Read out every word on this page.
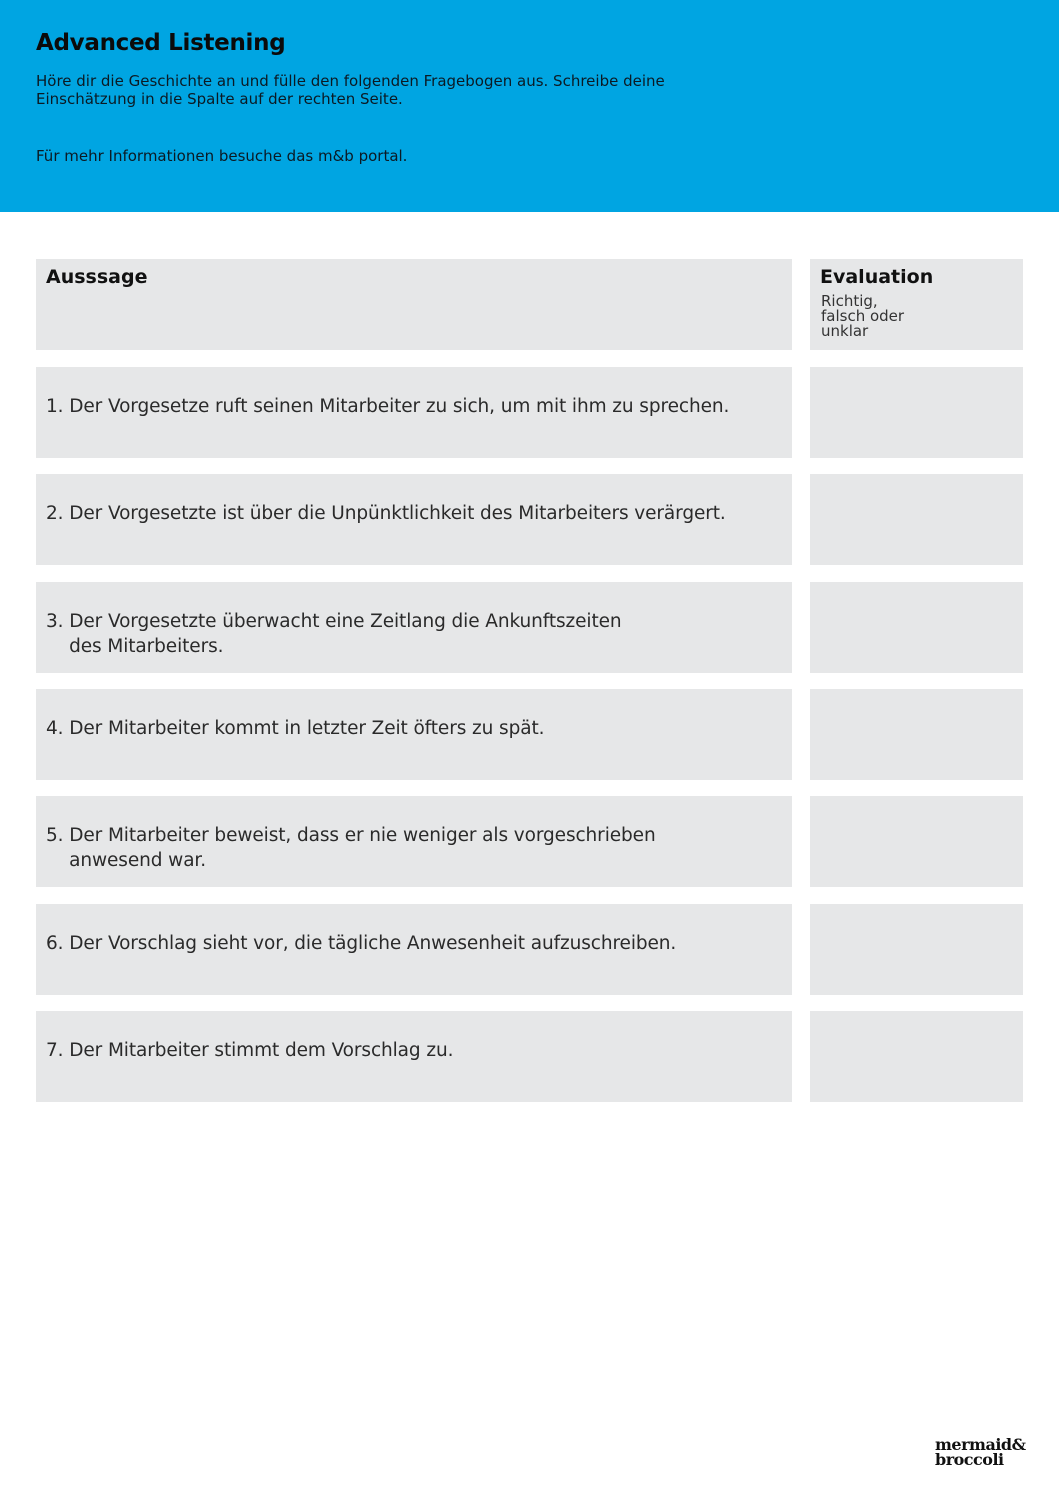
Advanced Listening
Höre dir die Geschichte an und fülle den folgenden Fragebogen aus. Schreibe deine
Einschätzung in die Spalte auf der rechten Seite.
Für mehr Informationen besuche das m&b portal.
Ausssage	Evaluation
Richtig,
falsch oder
unklar
1. Der Vorgesetze ruft seinen Mitarbeiter zu sich, um mit ihm zu sprechen.
2. Der Vorgesetzte ist über die Unpünktlichkeit des Mitarbeiters verärgert.
3. Der Vorgesetzte überwacht eine Zeitlang die Ankunftszeiten
des Mitarbeiters.
4. Der Mitarbeiter kommt in letzter Zeit öfters zu spät.
5. Der Mitarbeiter beweist, dass er nie weniger als vorgeschrieben
anwesend war.
6. Der Vorschlag sieht vor, die tägliche Anwesenheit aufzuschreiben.
7. Der Mitarbeiter stimmt dem Vorschlag zu.
mermaid&
broccoli
